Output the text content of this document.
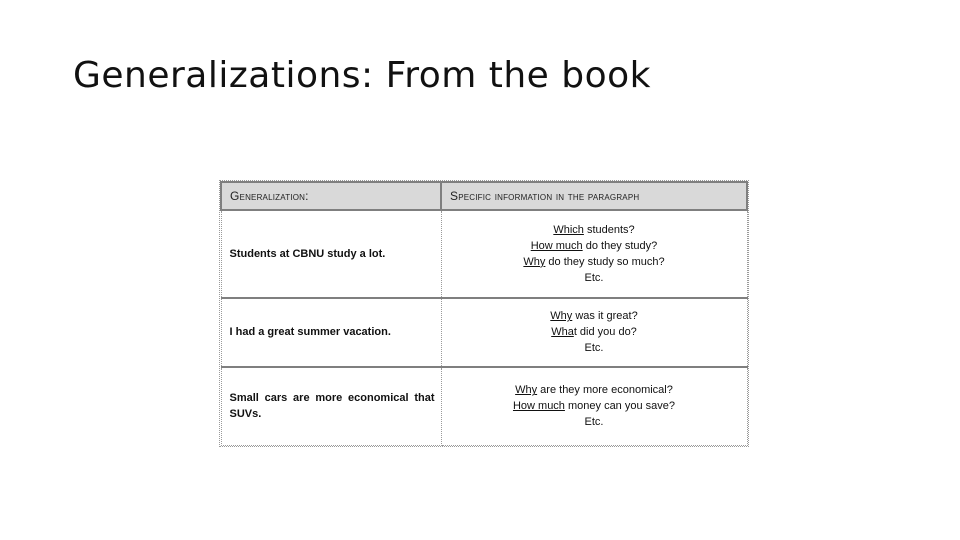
Generalizations: From the book
Generalization:	Specific information in the paragraph
Students at CBNU study a lot.	Which students?
How much do they study?
Why do they study so much?
Etc.

I had a great summer vacation.	Why was it great?
What did you do?
Etc.

Small cars are more economical that SUVs.	Why are they more economical?
How much money can you save?
Etc.
